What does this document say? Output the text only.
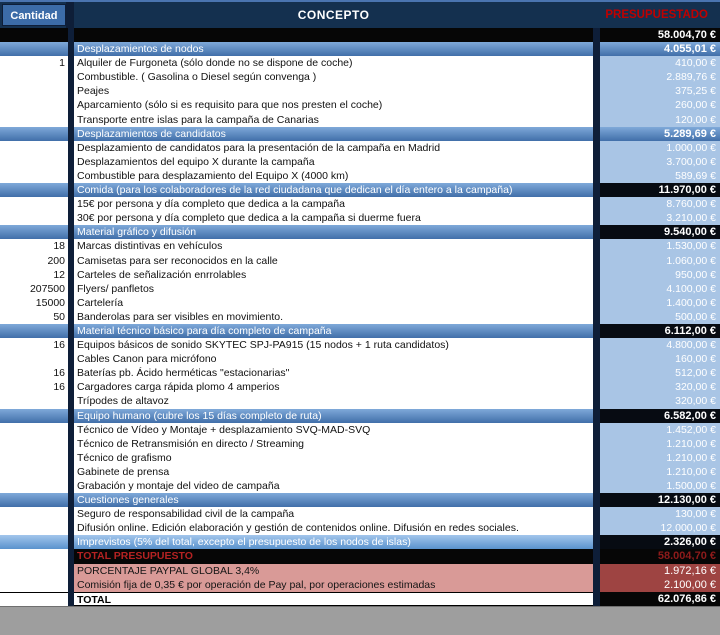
Cantidad	CONCEPTO	PRESUPUESTADO
58.004,70 €
Desplazamientos de nodos	4.055,01 €
1 Alquiler de Furgoneta (sólo donde no se dispone de coche)	410,00 €
Combustible. ( Gasolina o Diesel según convenga )	2.889,76 €
Peajes	375,25 €
Aparcamiento (sólo si es requisito para que nos presten el coche)	260,00 €
Transporte entre islas para la campaña de Canarias	120,00 €
Desplazamientos de candidatos	5.289,69 €
Desplazamiento de candidatos para la presentación de la campaña en Madrid	1.000,00 €
Desplazamientos del equipo X durante la campaña	3.700,00 €
Combustible para desplazamiento del Equipo X (4000 km)	589,69 €
Comida (para los colaboradores de la red ciudadana que dedican el día entero a la campaña)	11.970,00 €
15€ por persona y día completo que dedica a la campaña	8.760,00 €
30€ por persona y día completo que dedica a la campaña si duerme fuera	3.210,00 €
Material gráfico y difusión	9.540,00 €
18 Marcas distintivas en vehículos	1.530,00 €
200 Camisetas para ser reconocidos en la calle	1.060,00 €
12 Carteles de señalización enrrolables	950,00 €
207500 Flyers/ panfletos	4.100,00 €
15000 Cartelería	1.400,00 €
50 Banderolas para ser visibles en movimiento.	500,00 €
Material técnico básico para día completo de campaña	6.112,00 €
16 Equipos básicos de sonido SKYTEC SPJ-PA915 (15 nodos + 1 ruta candidatos)	4.800,00 €
Cables Canon para micrófono	160,00 €
16 Baterías pb. Ácido herméticas "estacionarias"	512,00 €
16 Cargadores carga rápida plomo 4 amperios	320,00 €
Trípodes de altavoz	320,00 €
Equipo humano (cubre los 15 días completo de ruta)	6.582,00 €
Técnico de Vídeo y Montaje + desplazamiento SVQ-MAD-SVQ	1.452,00 €
Técnico de Retransmisión en directo / Streaming	1.210,00 €
Técnico de grafismo	1.210,00 €
Gabinete de prensa	1.210,00 €
Grabación y montaje del video de campaña	1.500,00 €
Cuestiones generales	12.130,00 €
Seguro de responsabilidad civil de la campaña	130,00 €
Difusión online. Edición elaboración y gestión de contenidos online. Difusión en redes sociales.	12.000,00 €
Imprevistos (5% del total, excepto el presupuesto de los nodos de islas)	2.326,00 €
TOTAL PRESUPUESTO	58.004,70 €
PORCENTAJE PAYPAL GLOBAL 3,4%	1.972,16 €
Comisión fija de 0,35 € por operación de Pay pal, por operaciones estimadas	2.100,00 €
TOTAL	62.076,86 €
